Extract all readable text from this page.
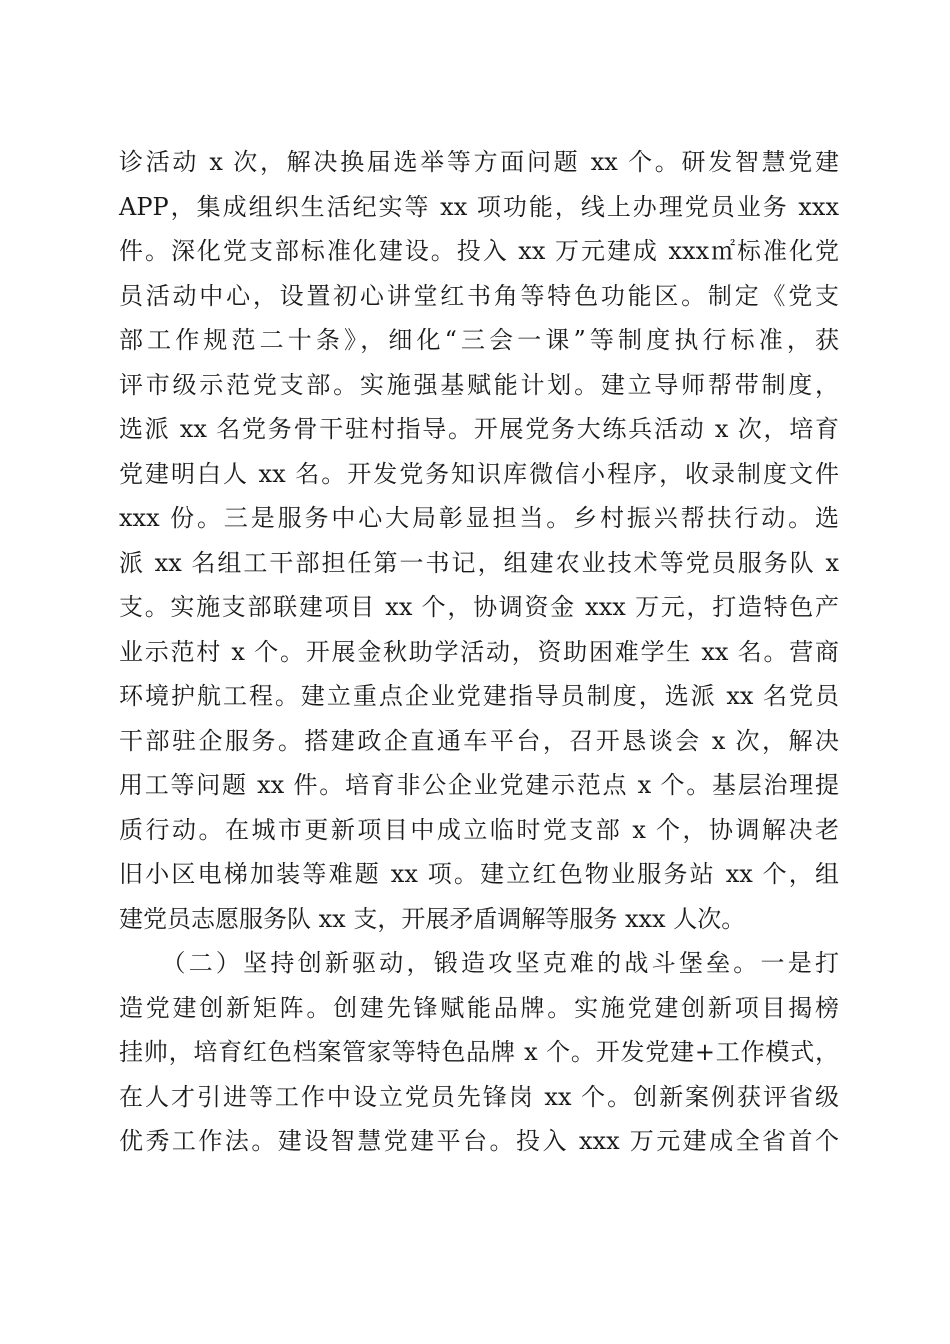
诊活动 x 次，解决换届选举等方面问题 xx 个。研发智慧党建
APP，集成组织生活纪实等 xx 项功能，线上办理党员业务 xxx
件。深化党支部标准化建设。投入 xx 万元建成 xxx㎡标准化党
员活动中心，设置初心讲堂红书角等特色功能区。制定《党支
部工作规范二十条》，细化“三会一课”等制度执行标准，获
评市级示范党支部。实施强基赋能计划。建立导师帮带制度，
选派 xx 名党务骨干驻村指导。开展党务大练兵活动 x 次，培育
党建明白人 xx 名。开发党务知识库微信小程序，收录制度文件
xxx 份。三是服务中心大局彰显担当。乡村振兴帮扶行动。选
派 xx 名组工干部担任第一书记，组建农业技术等党员服务队 x
支。实施支部联建项目 xx 个，协调资金 xxx 万元，打造特色产
业示范村 x 个。开展金秋助学活动，资助困难学生 xx 名。营商
环境护航工程。建立重点企业党建指导员制度，选派 xx 名党员
干部驻企服务。搭建政企直通车平台，召开恳谈会 x 次，解决
用工等问题 xx 件。培育非公企业党建示范点 x 个。基层治理提
质行动。在城市更新项目中成立临时党支部 x 个，协调解决老
旧小区电梯加装等难题 xx 项。建立红色物业服务站 xx 个，组
建党员志愿服务队 xx 支，开展矛盾调解等服务 xxx 人次。
　　（二）坚持创新驱动，锻造攻坚克难的战斗堡垒。一是打
造党建创新矩阵。创建先锋赋能品牌。实施党建创新项目揭榜
挂帅，培育红色档案管家等特色品牌 x 个。开发党建+工作模式，
在人才引进等工作中设立党员先锋岗 xx 个。创新案例获评省级
优秀工作法。建设智慧党建平台。投入 xxx 万元建成全省首个
